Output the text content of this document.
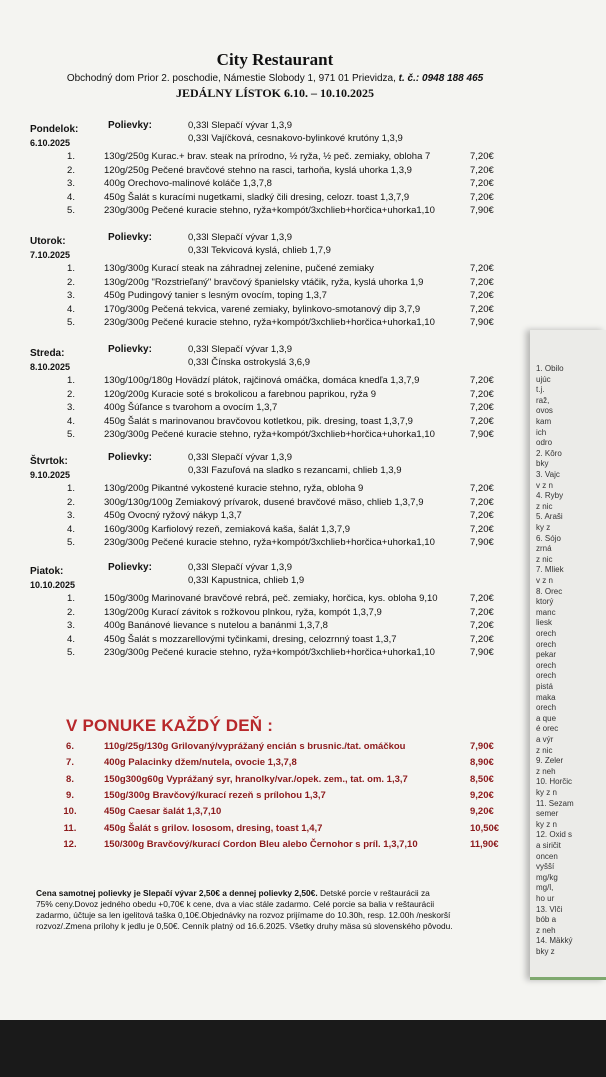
1. Obilo
ujúc
t.j.
raž,
ovos
kam
ich
odro
2. Kôro
bky
3. Vajc
v z n
4. Ryby
z nic
5. Araši
ky z
6. Sójo
zrná
z nic
7. Mliek
v z n
8. Orec
ktorý
manc
liesk
orech
orech
pekar
orech
orech
pistá
maka
orech
a que
é orec
a výr
z nic
9. Zeler
z neh
10. Horčic
ky z n
11. Sezam
semer
ky z n
12. Oxid s
a siričit
oncen
vyšší
mg/kg
mg/l,
ho ur
13. Vlči
bób a
z neh
14. Mäkký
bky z
City Restaurant
Obchodný dom Prior 2. poschodie, Námestie Slobody 1, 971 01 Prievidza, t. č.: 0948 188 465
JEDÁLNY LÍSTOK 6.10. – 10.10.2025
Pondelok:
6.10.2025
Polievky:	0,33l Slepačí vývar 1,3,9
0,33l Vajíčková, cesnakovo-bylinkové krutóny 1,3,9
1.	130g/250g Kurac.+ brav. steak na prírodno, ½ ryža, ½ peč. zemiaky, obloha 7	7,20€
2.	120g/250g Pečené bravčové stehno na rasci, tarhoňa, kyslá uhorka 1,3,9	7,20€
3.	400g Orechovo-malinové koláče 1,3,7,8	7,20€
4.	450g Šalát s kuracími nugetkami, sladký čili dresing, celozr. toast 1,3,7,9	7,20€
5.	230g/300g Pečené kuracie stehno, ryža+kompót/3xchlieb+horčica+uhorka1,10	7,90€
Utorok:
7.10.2025
Polievky:	0,33l Slepačí vývar 1,3,9
0,33l Tekvicová kyslá, chlieb 1,7,9
1.	130g/300g Kurací steak na záhradnej zelenine, pučené zemiaky	7,20€
2.	130g/200g "Rozstrieľaný" bravčový španielsky vtáčik, ryža, kyslá uhorka 1,9	7,20€
3.	450g Pudingový tanier s lesným ovocím, toping 1,3,7	7,20€
4.	170g/300g Pečená tekvica, varené zemiaky, bylinkovo-smotanový dip 3,7,9	7,20€
5.	230g/300g Pečené kuracie stehno, ryža+kompót/3xchlieb+horčica+uhorka1,10	7,90€
Streda:
8.10.2025
Polievky:	0,33l Slepačí vývar 1,3,9
0,33l Čínska ostrokyslá 3,6,9
1.	130g/100g/180g Hovädzí plátok, rajčinová omáčka, domáca knedľa 1,3,7,9	7,20€
2.	120g/200g Kuracie soté s brokolicou a farebnou paprikou, ryža 9	7,20€
3.	400g Šúľance s tvarohom a ovocím 1,3,7	7,20€
4.	450g Šalát s marinovanou bravčovou kotletkou, pik. dresing, toast 1,3,7,9	7,20€
5.	230g/300g Pečené kuracie stehno, ryža+kompót/3xchlieb+horčica+uhorka1,10	7,90€
Štvrtok:
9.10.2025
Polievky:	0,33l Slepačí vývar 1,3,9
0,33l Fazuľová na sladko s rezancami, chlieb 1,3,9
1.	130g/200g Pikantné vykostené kuracie stehno, ryža, obloha 9	7,20€
2.	300g/130g/100g Zemiakový prívarok, dusené bravčové mäso, chlieb 1,3,7,9	7,20€
3.	450g Ovocný ryžový nákyp 1,3,7	7,20€
4.	160g/300g Karfiolový rezeň, zemiaková kaša, šalát 1,3,7,9	7,20€
5.	230g/300g Pečené kuracie stehno, ryža+kompót/3xchlieb+horčica+uhorka1,10	7,90€
Piatok:
10.10.2025
Polievky:	0,33l Slepačí vývar 1,3,9
0,33l Kapustnica, chlieb 1,9
1.	150g/300g Marinované bravčové rebrá, peč. zemiaky, horčica, kys. obloha 9,10	7,20€
2.	130g/200g Kurací závitok s rožkovou plnkou, ryža, kompót 1,3,7,9	7,20€
3.	400g Banánové lievance s nutelou a banánmi 1,3,7,8	7,20€
4.	450g Šalát s mozzarellovými tyčinkami, dresing, celozrnný toast 1,3,7	7,20€
5.	230g/300g Pečené kuracie stehno, ryža+kompót/3xchlieb+horčica+uhorka1,10	7,90€
V PONUKE KAŽDÝ DEŇ :
6.	110g/25g/130g Grilovaný/vyprážaný encián s brusnic./tat. omáčkou	7,90€
7.	400g Palacinky džem/nutela, ovocie 1,3,7,8	8,90€
8.	150g300g60g Vyprážaný syr, hranolky/var./opek. zem., tat. om. 1,3,7	8,50€
9.	150g/300g Bravčový/kurací rezeň s prílohou 1,3,7	9,20€
10.	450g Caesar šalát 1,3,7,10	9,20€
11.	450g Šalát s grilov. lososom, dresing, toast 1,4,7	10,50€
12.	150/300g Bravčový/kurací Cordon Bleu alebo Černohor s príl. 1,3,7,10	11,90€
Cena samotnej polievky je Slepačí vývar 2,50€ a dennej polievky 2,50€. Detské porcie v reštaurácii za
75% ceny.Dovoz jedného obedu +0,70€ k cene, dva a viac stále zadarmo. Celé porcie sa balia v reštaurácii
zadarmo, účtuje sa len igelitová taška 0,10€.Objednávky na rozvoz prijímame do 10.30h, resp. 12.00h /neskorší
rozvoz/.Zmena prílohy k jedlu je 0,50€. Cenník platný od 16.6.2025. Všetky druhy mäsa sú slovenského pôvodu.
